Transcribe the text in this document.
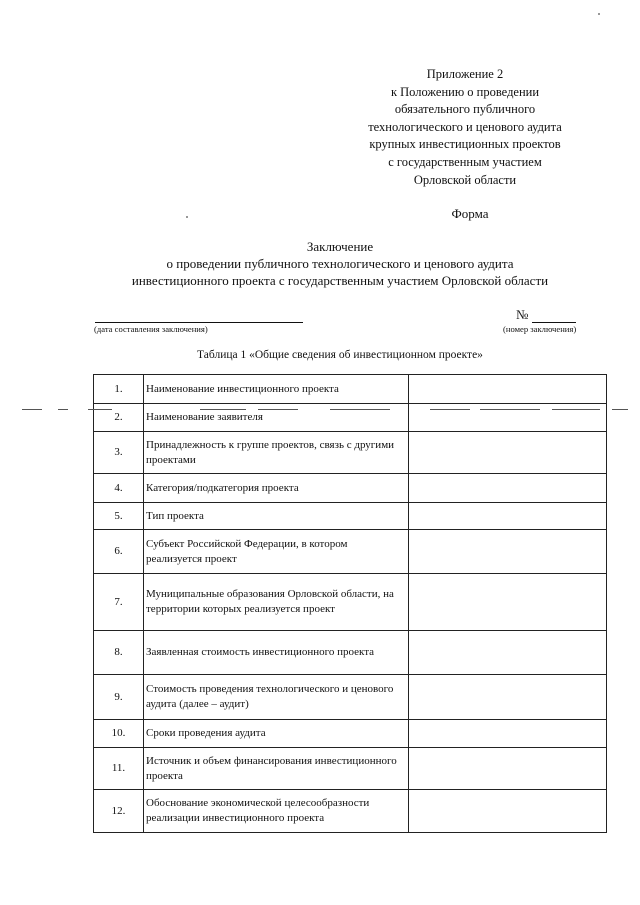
Приложение 2
к Положению о проведении
обязательного публичного
технологического и ценового аудита
крупных инвестиционных проектов
с государственным участием
Орловской области
Форма
Заключение
о проведении публичного технологического и ценового аудита
инвестиционного проекта с государственным участием Орловской области
(дата составления заключения)
№
(номер заключения)
Таблица 1 «Общие сведения об инвестиционном проекте»
1.	Наименование инвестиционного проекта	
2.	Наименование заявителя	
3.	Принадлежность к группе проектов, связь с другими проектами	
4.	Категория/подкатегория проекта	
5.	Тип проекта	
6.	Субъект Российской Федерации, в котором реализуется проект	
7.	Муниципальные образования Орловской области, на территории которых реализуется проект	
8.	Заявленная стоимость инвестиционного проекта	
9.	Стоимость проведения технологического и ценового аудита (далее – аудит)	
10.	Сроки проведения аудита	
11.	Источник и объем финансирования инвестиционного проекта	
12.	Обоснование экономической целесообразности реализации инвестиционного проекта	
